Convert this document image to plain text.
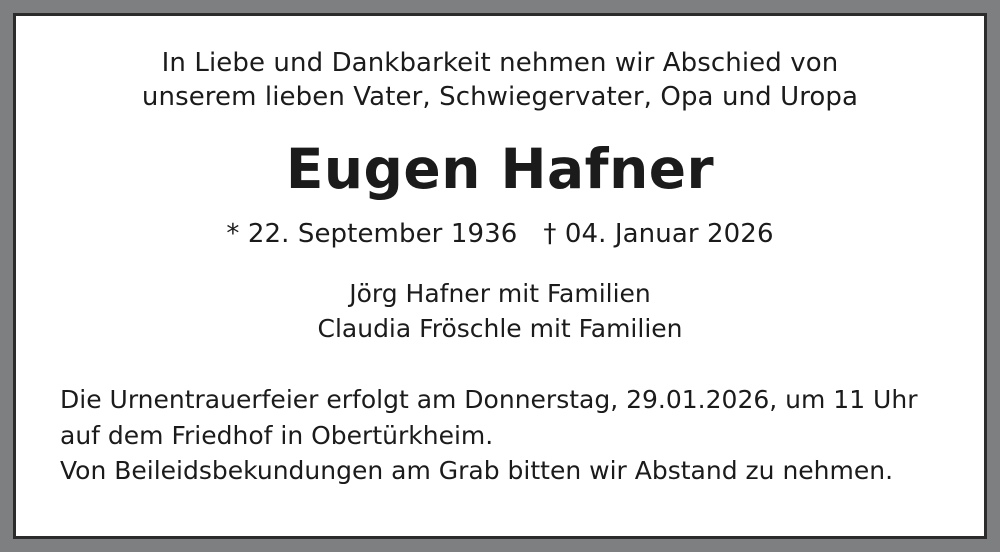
In Liebe und Dankbarkeit nehmen wir Abschied von
unserem lieben Vater, Schwiegervater, Opa und Uropa
Eugen Hafner
* 22. September 1936 † 04. Januar 2026
Jörg Hafner mit Familien
Claudia Fröschle mit Familien
Die Urnentrauerfeier erfolgt am Donnerstag, 29.01.2026, um 11 Uhr
auf dem Friedhof in Obertürkheim.
Von Beileidsbekundungen am Grab bitten wir Abstand zu nehmen.
